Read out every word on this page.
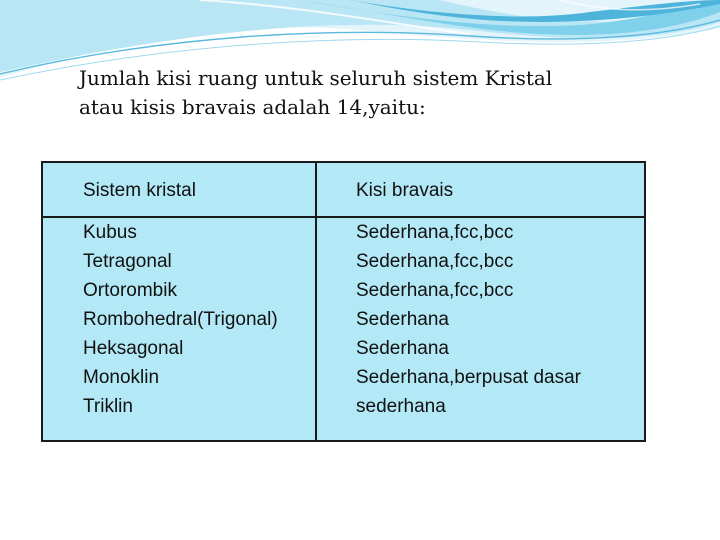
Jumlah kisi ruang untuk seluruh sistem Kristal

atau kisis bravais adalah 14,yaitu:

Sistem kristal	Kisi bravais
Kubus
Tetragonal
Ortorombik
Rombohedral(Trigonal)
Heksagonal
Monoklin
Triklin
Sederhana,fcc,bcc
Sederhana,fcc,bcc
Sederhana,fcc,bcc
Sederhana
Sederhana
Sederhana,berpusat dasar
sederhana
